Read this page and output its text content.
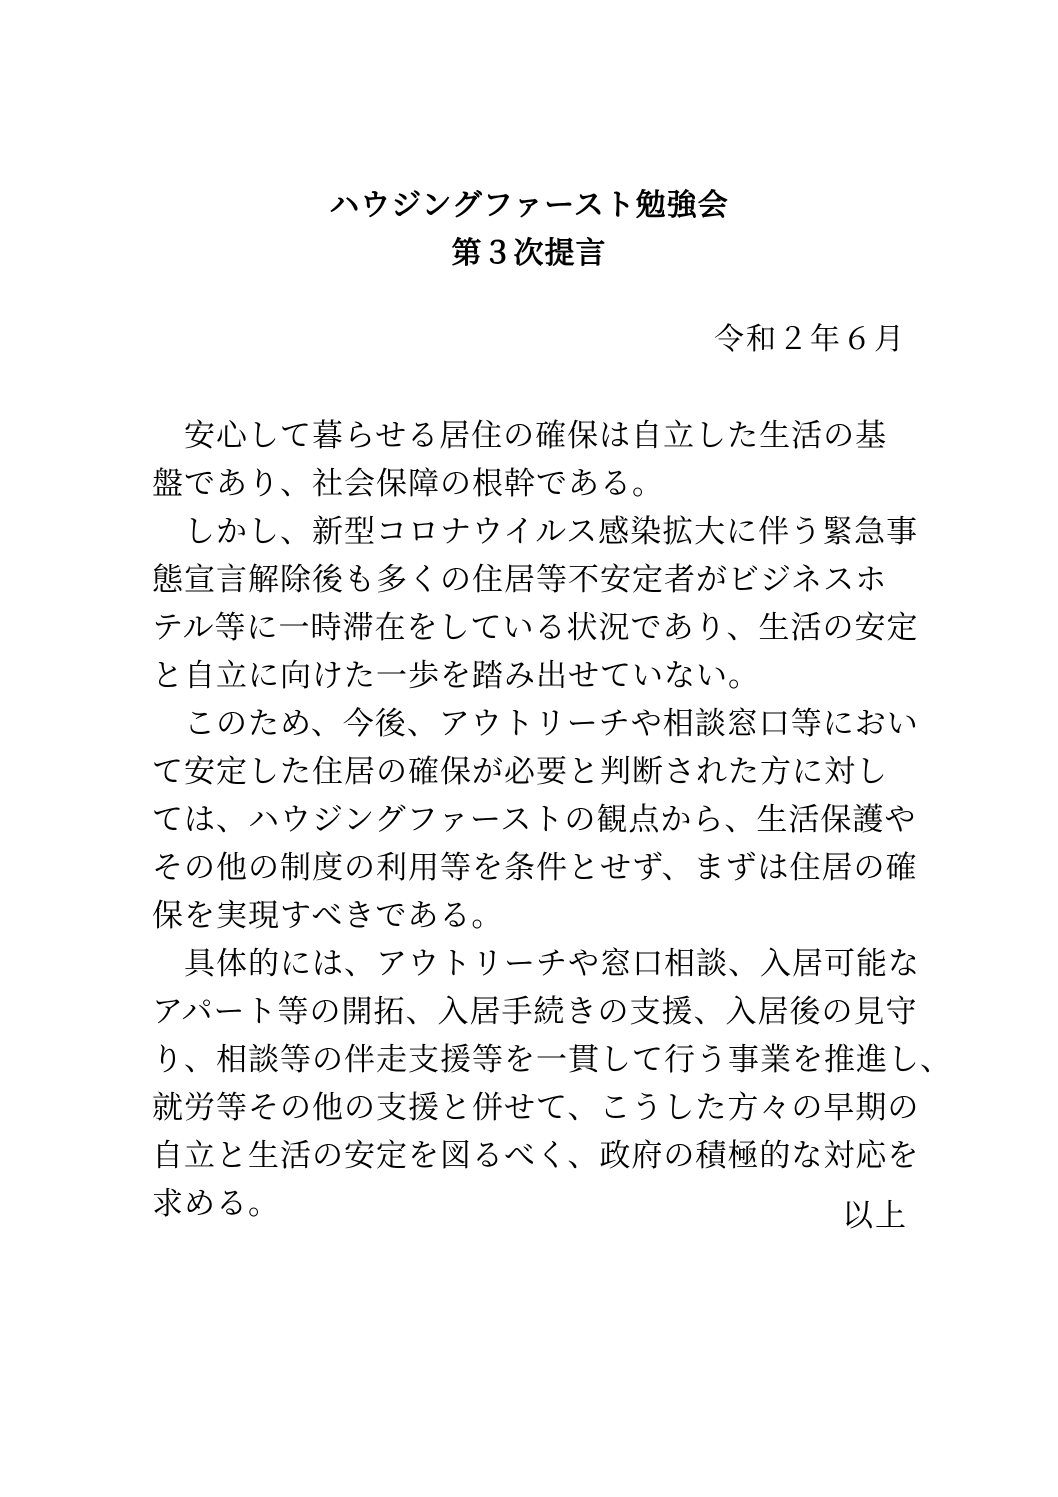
ハウジングファースト勉強会
第３次提言
令和２年６月
　安心して暮らせる居住の確保は自立した生活の基
盤であり、社会保障の根幹である。
　しかし、新型コロナウイルス感染拡大に伴う緊急事
態宣言解除後も多くの住居等不安定者がビジネスホ
テル等に一時滞在をしている状況であり、生活の安定
と自立に向けた一歩を踏み出せていない。
　このため、今後、アウトリーチや相談窓口等におい
て安定した住居の確保が必要と判断された方に対し
ては、ハウジングファーストの観点から、生活保護や
その他の制度の利用等を条件とせず、まずは住居の確
保を実現すべきである。
　具体的には、アウトリーチや窓口相談、入居可能な
アパート等の開拓、入居手続きの支援、入居後の見守
り、相談等の伴走支援等を一貫して行う事業を推進し、
就労等その他の支援と併せて、こうした方々の早期の
自立と生活の安定を図るべく、政府の積極的な対応を
求める。	以上
